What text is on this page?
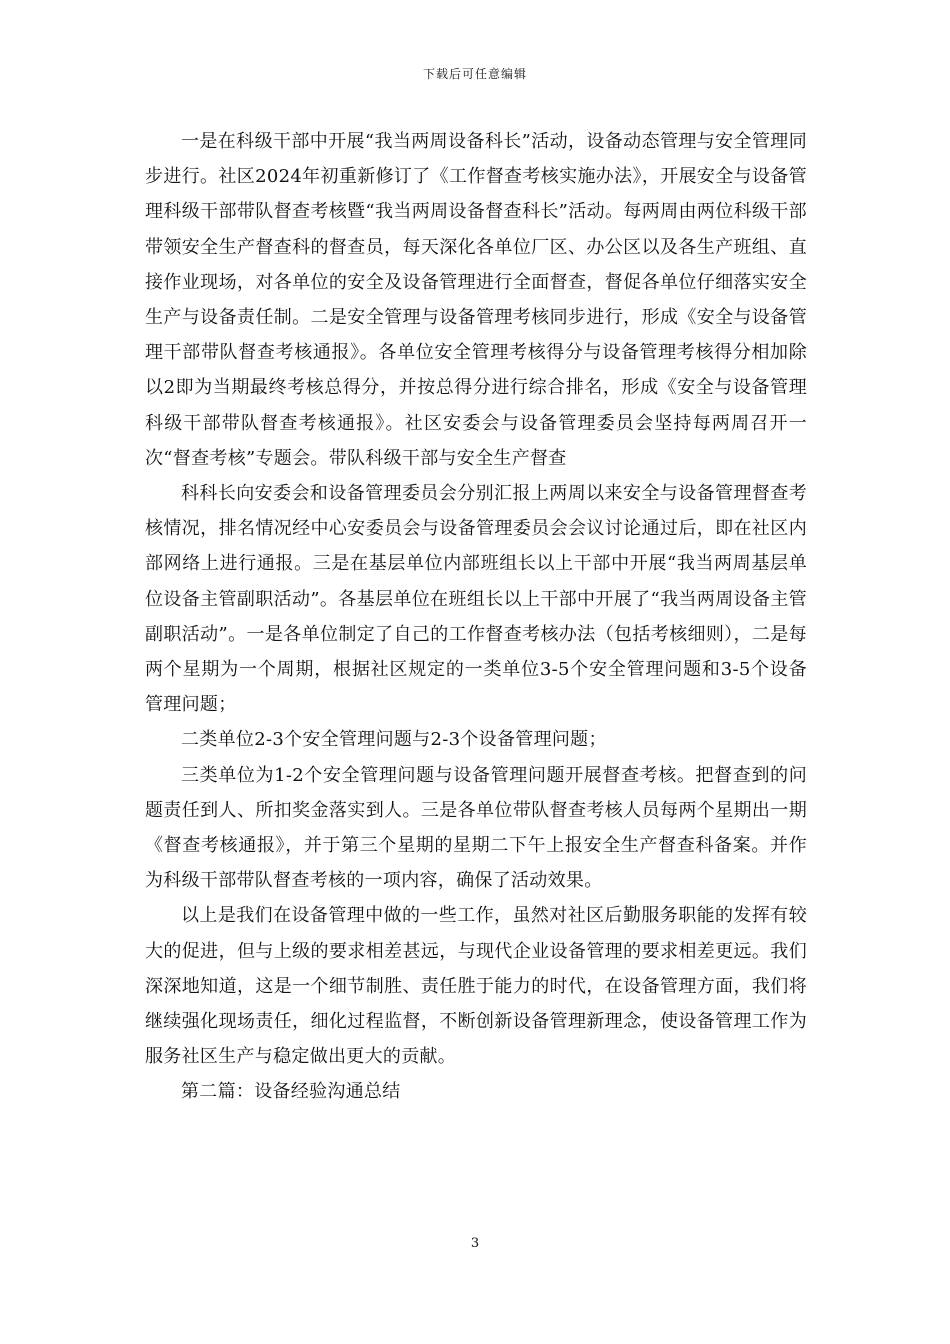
下载后可任意编辑

一是在科级干部中开展“我当两周设备科长”活动，设备动态管理与安全管理同步进行。社区2024年初重新修订了《工作督查考核实施办法》，开展安全与设备管理科级干部带队督查考核暨“我当两周设备督查科长”活动。每两周由两位科级干部带领安全生产督查科的督查员，每天深化各单位厂区、办公区以及各生产班组、直接作业现场，对各单位的安全及设备管理进行全面督查，督促各单位仔细落实安全生产与设备责任制。二是安全管理与设备管理考核同步进行，形成《安全与设备管理干部带队督查考核通报》。各单位安全管理考核得分与设备管理考核得分相加除以2即为当期最终考核总得分，并按总得分进行综合排名，形成《安全与设备管理科级干部带队督查考核通报》。社区安委会与设备管理委员会坚持每两周召开一次“督查考核”专题会。带队科级干部与安全生产督查

科科长向安委会和设备管理委员会分别汇报上两周以来安全与设备管理督查考核情况，排名情况经中心安委员会与设备管理委员会会议讨论通过后，即在社区内部网络上进行通报。三是在基层单位内部班组长以上干部中开展“我当两周基层单位设备主管副职活动”。各基层单位在班组长以上干部中开展了“我当两周设备主管副职活动”。一是各单位制定了自己的工作督查考核办法（包括考核细则），二是每两个星期为一个周期，根据社区规定的一类单位3-5个安全管理问题和3-5个设备管理问题；

二类单位2-3个安全管理问题与2-3个设备管理问题；

三类单位为1-2个安全管理问题与设备管理问题开展督查考核。把督查到的问题责任到人、所扣奖金落实到人。三是各单位带队督查考核人员每两个星期出一期《督查考核通报》，并于第三个星期的星期二下午上报安全生产督查科备案。并作为科级干部带队督查考核的一项内容，确保了活动效果。

以上是我们在设备管理中做的一些工作，虽然对社区后勤服务职能的发挥有较大的促进，但与上级的要求相差甚远，与现代企业设备管理的要求相差更远。我们深深地知道，这是一个细节制胜、责任胜于能力的时代，在设备管理方面，我们将继续强化现场责任，细化过程监督，不断创新设备管理新理念，使设备管理工作为服务社区生产与稳定做出更大的贡献。

第二篇：设备经验沟通总结

3
